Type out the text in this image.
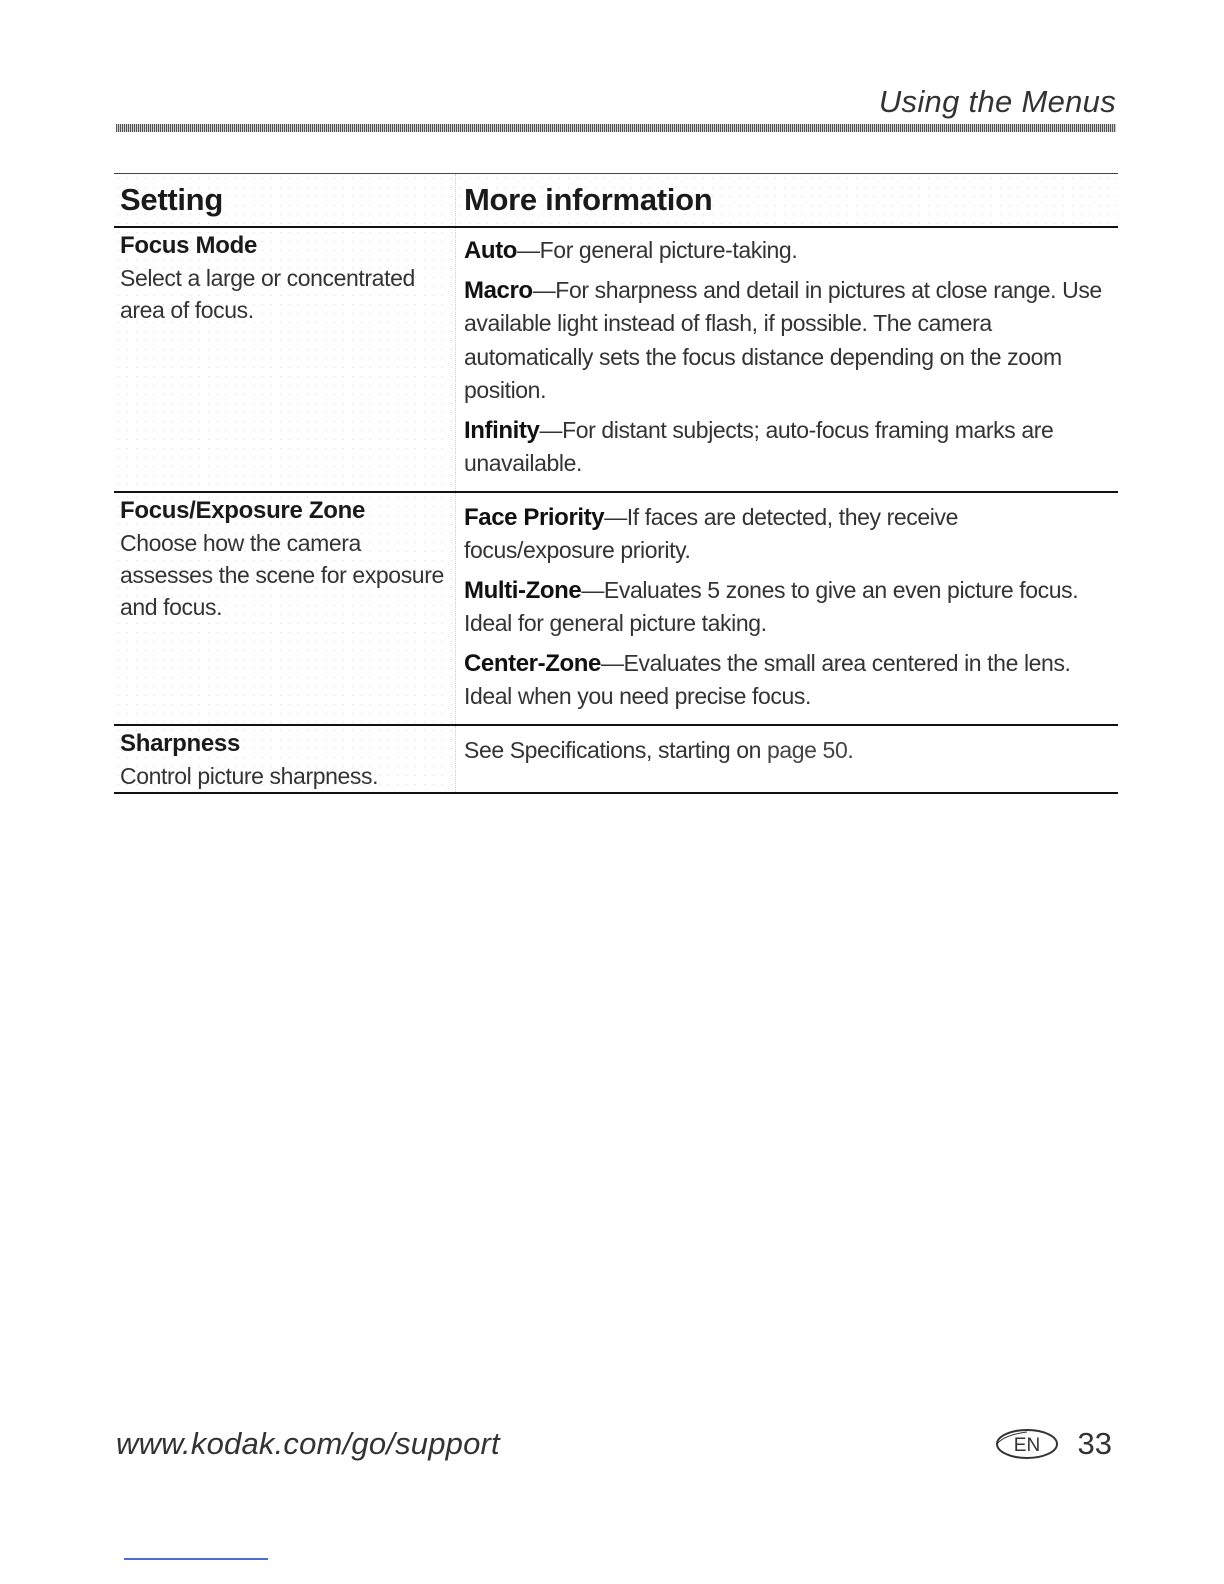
Using the Menus
Setting	More information
Focus Mode
Select a large or concentrated area of focus.
Auto—For general picture-taking.
Macro—For sharpness and detail in pictures at close range. Use available light instead of flash, if possible. The camera automatically sets the focus distance depending on the zoom position.
Infinity—For distant subjects; auto-focus framing marks are unavailable.
Focus/Exposure Zone
Choose how the camera assesses the scene for exposure and focus.
Face Priority—If faces are detected, they receive focus/exposure priority.
Multi-Zone—Evaluates 5 zones to give an even picture focus. Ideal for general picture taking.
Center-Zone—Evaluates the small area centered in the lens. Ideal when you need precise focus.
Sharpness
Control picture sharpness.
See Specifications, starting on page 50.
www.kodak.com/go/support	EN 33
